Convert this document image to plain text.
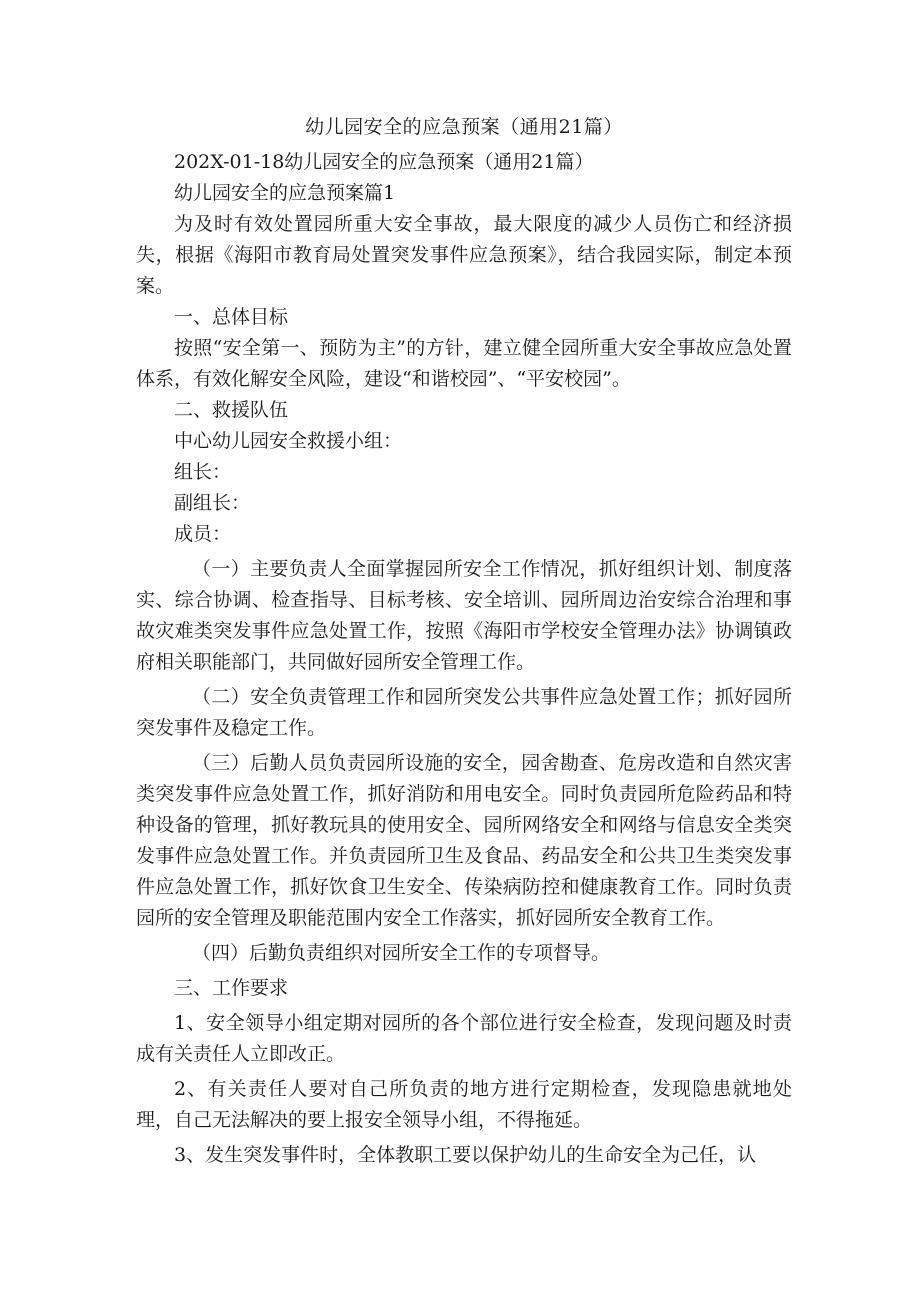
幼儿园安全的应急预案（通用21篇）

202X-01-18幼儿园安全的应急预案（通用21篇）

幼儿园安全的应急预案篇1

为及时有效处置园所重大安全事故，最大限度的减少人员伤亡和经济损失，根据《海阳市教育局处置突发事件应急预案》，结合我园实际，制定本预案。

一、总体目标

按照“安全第一、预防为主”的方针，建立健全园所重大安全事故应急处置体系，有效化解安全风险，建设“和谐校园”、“平安校园”。

二、救援队伍

中心幼儿园安全救援小组：

组长：

副组长：

成员：

（一）主要负责人全面掌握园所安全工作情况，抓好组织计划、制度落实、综合协调、检查指导、目标考核、安全培训、园所周边治安综合治理和事故灾难类突发事件应急处置工作，按照《海阳市学校安全管理办法》协调镇政府相关职能部门，共同做好园所安全管理工作。

（二）安全负责管理工作和园所突发公共事件应急处置工作；抓好园所突发事件及稳定工作。

（三）后勤人员负责园所设施的安全，园舍勘查、危房改造和自然灾害类突发事件应急处置工作，抓好消防和用电安全。同时负责园所危险药品和特种设备的管理，抓好教玩具的使用安全、园所网络安全和网络与信息安全类突发事件应急处置工作。并负责园所卫生及食品、药品安全和公共卫生类突发事件应急处置工作，抓好饮食卫生安全、传染病防控和健康教育工作。同时负责园所的安全管理及职能范围内安全工作落实，抓好园所安全教育工作。

（四）后勤负责组织对园所安全工作的专项督导。

三、工作要求

1、安全领导小组定期对园所的各个部位进行安全检查，发现问题及时责成有关责任人立即改正。

2、有关责任人要对自己所负责的地方进行定期检查，发现隐患就地处理，自己无法解决的要上报安全领导小组，不得拖延。

3、发生突发事件时，全体教职工要以保护幼儿的生命安全为己任，认
